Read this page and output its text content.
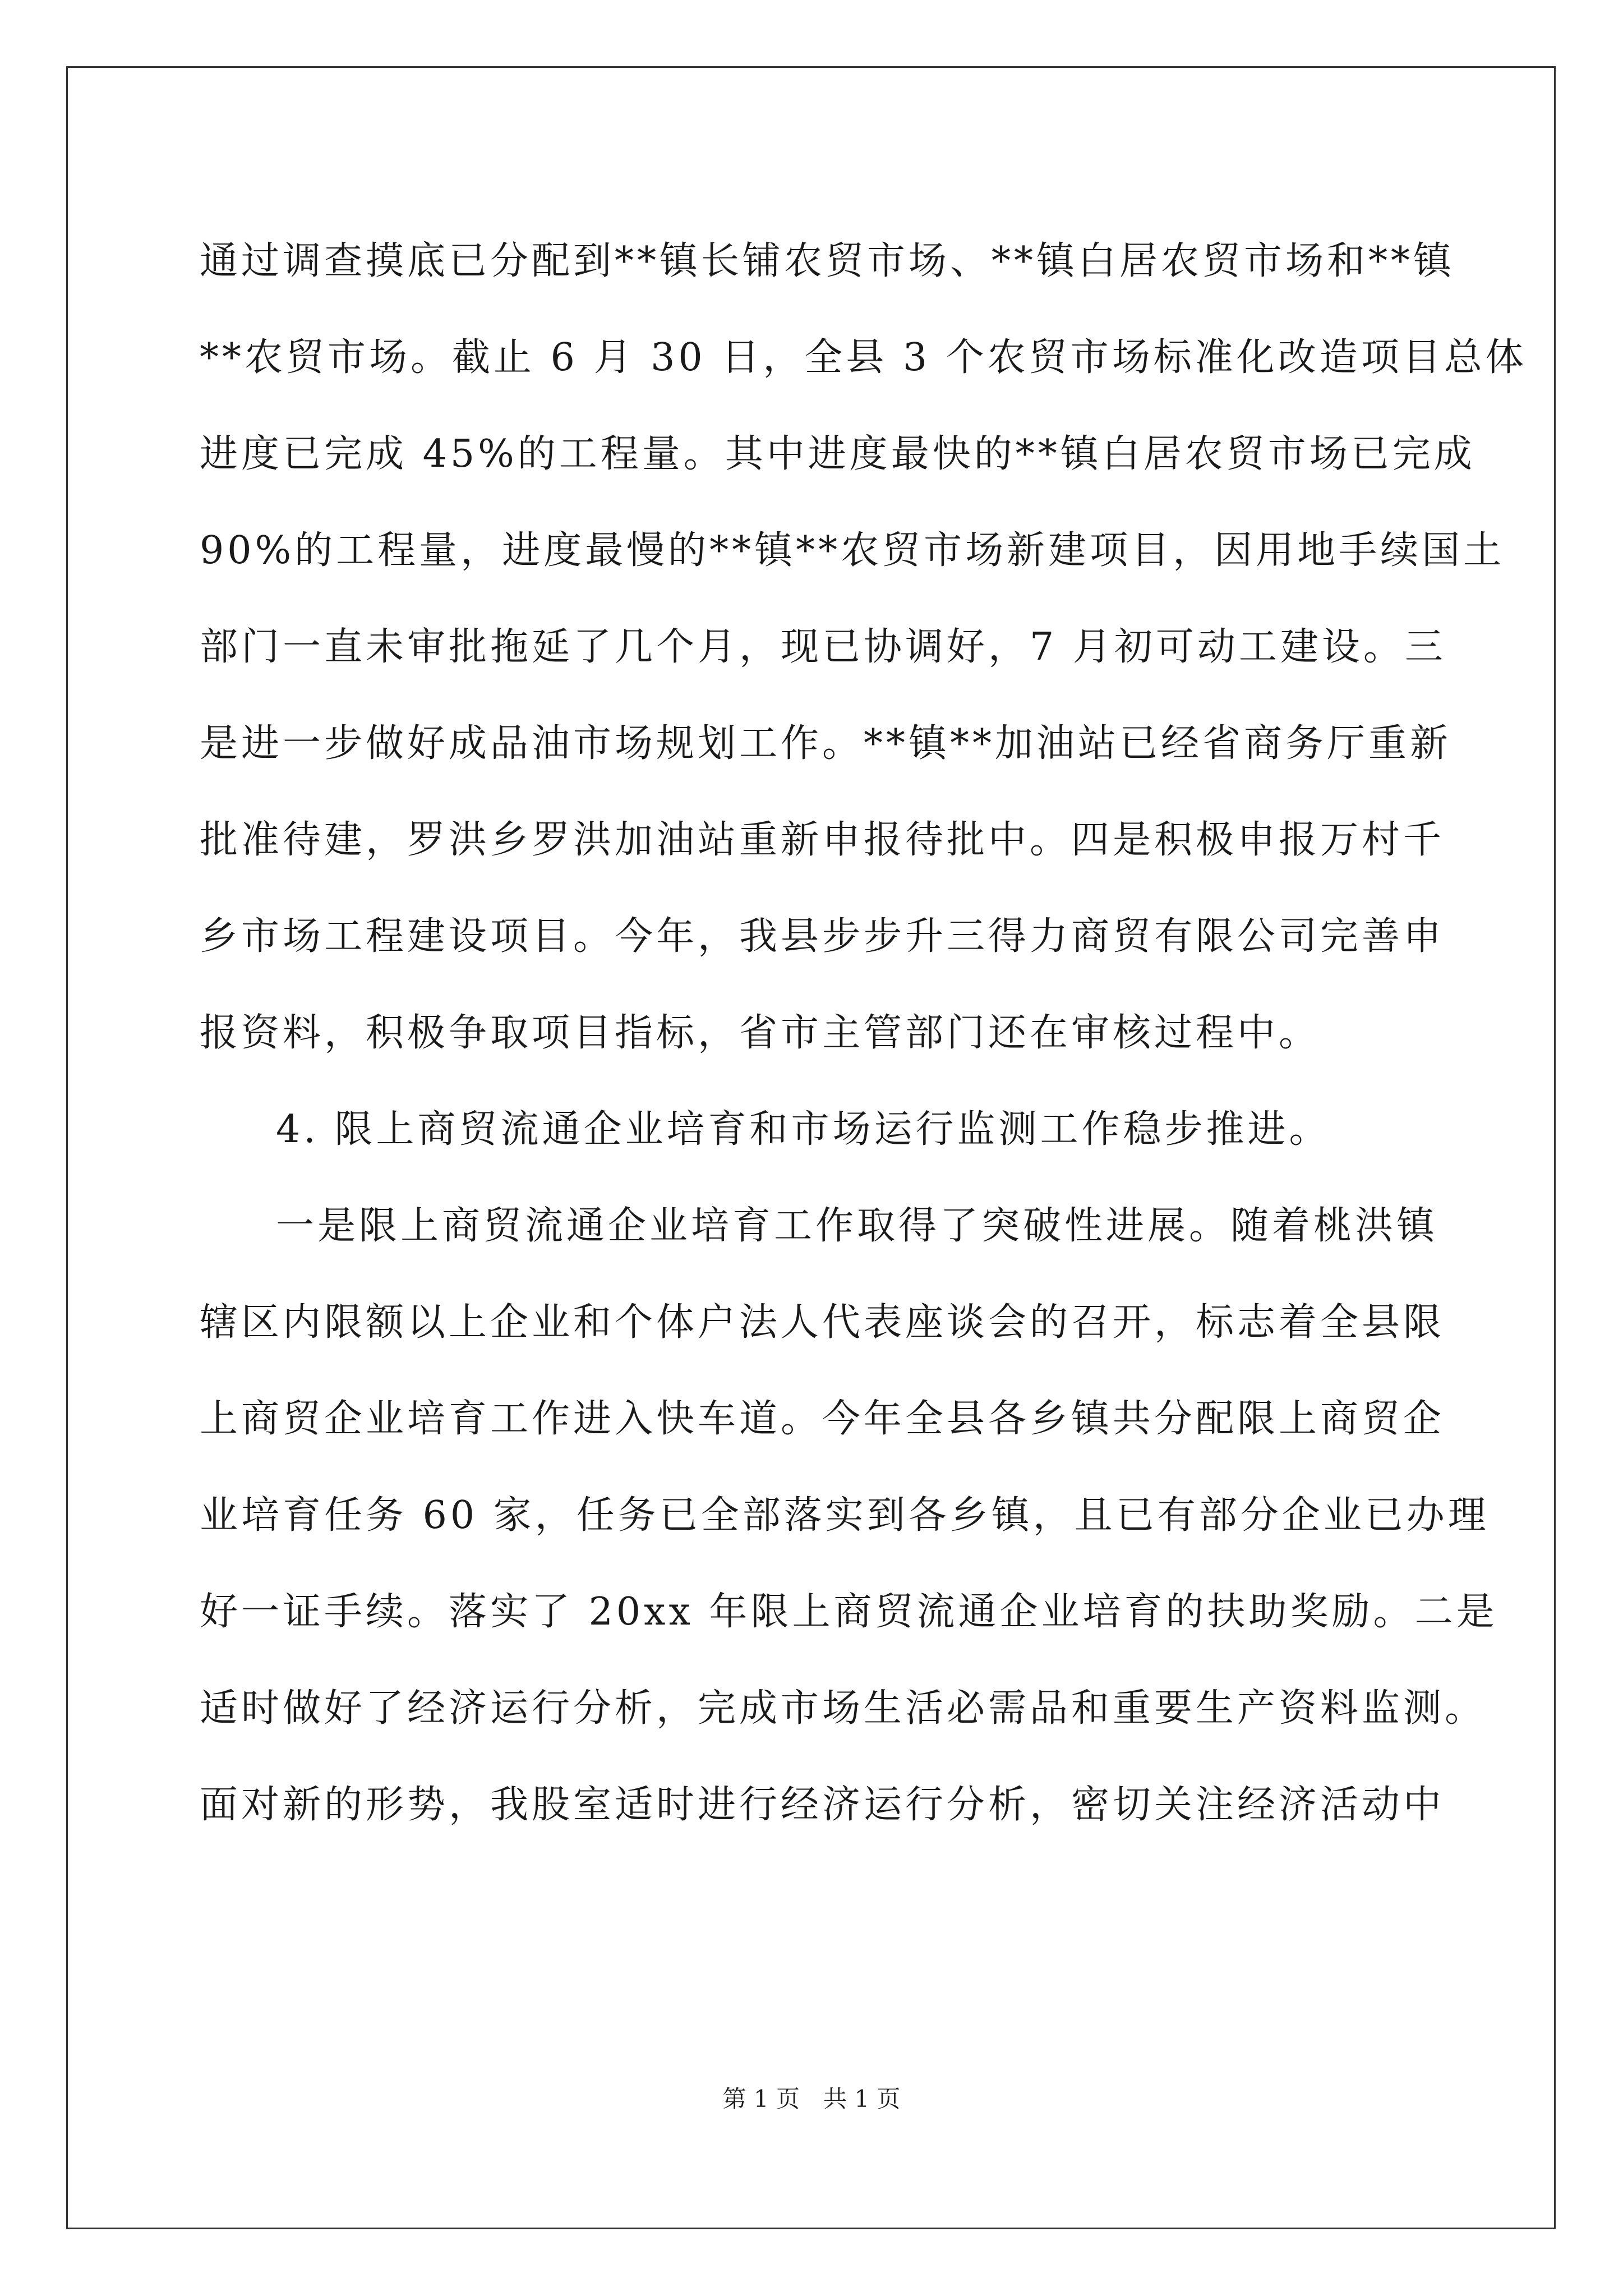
通过调查摸底已分配到**镇长铺农贸市场、**镇白居农贸市场和**镇
**农贸市场。截止 6 月 30 日，全县 3 个农贸市场标准化改造项目总体
进度已完成 45%的工程量。其中进度最快的**镇白居农贸市场已完成
90%的工程量，进度最慢的**镇**农贸市场新建项目，因用地手续国土
部门一直未审批拖延了几个月，现已协调好，7 月初可动工建设。三
是进一步做好成品油市场规划工作。**镇**加油站已经省商务厅重新
批准待建，罗洪乡罗洪加油站重新申报待批中。四是积极申报万村千
乡市场工程建设项目。今年，我县步步升三得力商贸有限公司完善申
报资料，积极争取项目指标，省市主管部门还在审核过程中。
4. 限上商贸流通企业培育和市场运行监测工作稳步推进。
一是限上商贸流通企业培育工作取得了突破性进展。随着桃洪镇
辖区内限额以上企业和个体户法人代表座谈会的召开，标志着全县限
上商贸企业培育工作进入快车道。今年全县各乡镇共分配限上商贸企
业培育任务 60 家，任务已全部落实到各乡镇，且已有部分企业已办理
好一证手续。落实了 20xx 年限上商贸流通企业培育的扶助奖励。二是
适时做好了经济运行分析，完成市场生活必需品和重要生产资料监测。
面对新的形势，我股室适时进行经济运行分析，密切关注经济活动中
第 1 页　共 1 页
